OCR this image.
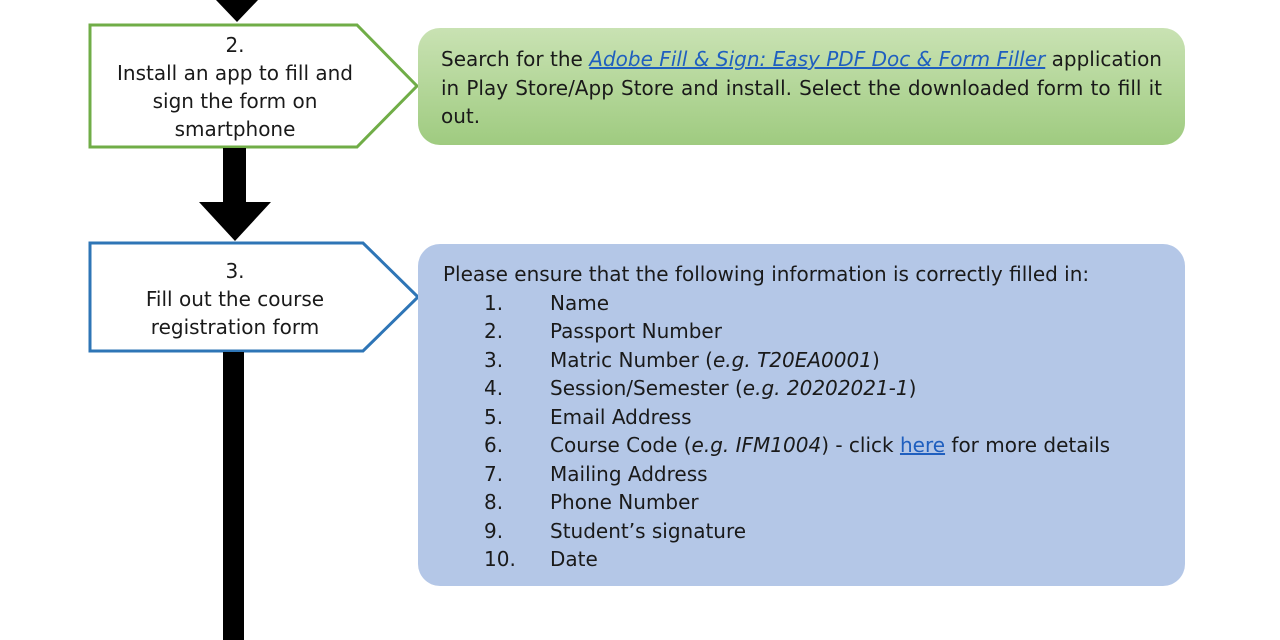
2.
Install an app to fill and sign the form on smartphone
Search for the Adobe Fill & Sign: Easy PDF Doc & Form Filler application in Play Store/App Store and install. Select the downloaded form to fill it out.
3.
Fill out the course registration form
Please ensure that the following information is correctly filled in:
1.	Name
2.	Passport Number
3.	Matric Number (e.g. T20EA0001)
4.	Session/Semester (e.g. 20202021-1)
5.	Email Address
6.	Course Code (e.g. IFM1004) - click here for more details
7.	Mailing Address
8.	Phone Number
9.	Student’s signature
10.	Date
